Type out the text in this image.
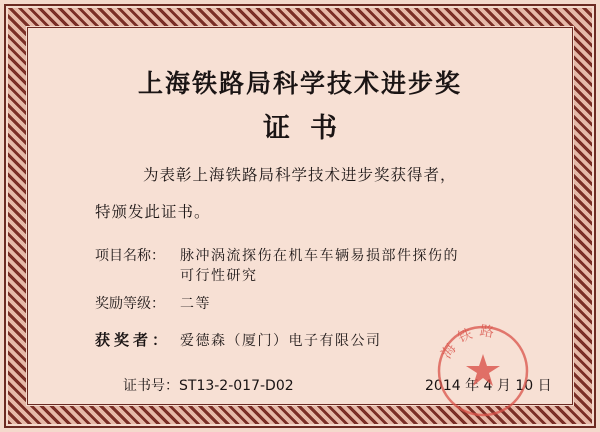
上海铁路局科学技术进步奖
证书
为表彰上海铁路局科学技术进步奖获得者，
特颁发此证书。
项目名称： 脉冲涡流探伤在机车车辆易损部件探伤的
可行性研究
奖励等级： 二等
获奖者： 爱德森（厦门）电子有限公司
证书号：ST13-2-017-D02	2014 年 4 月 10 日
海铁路
